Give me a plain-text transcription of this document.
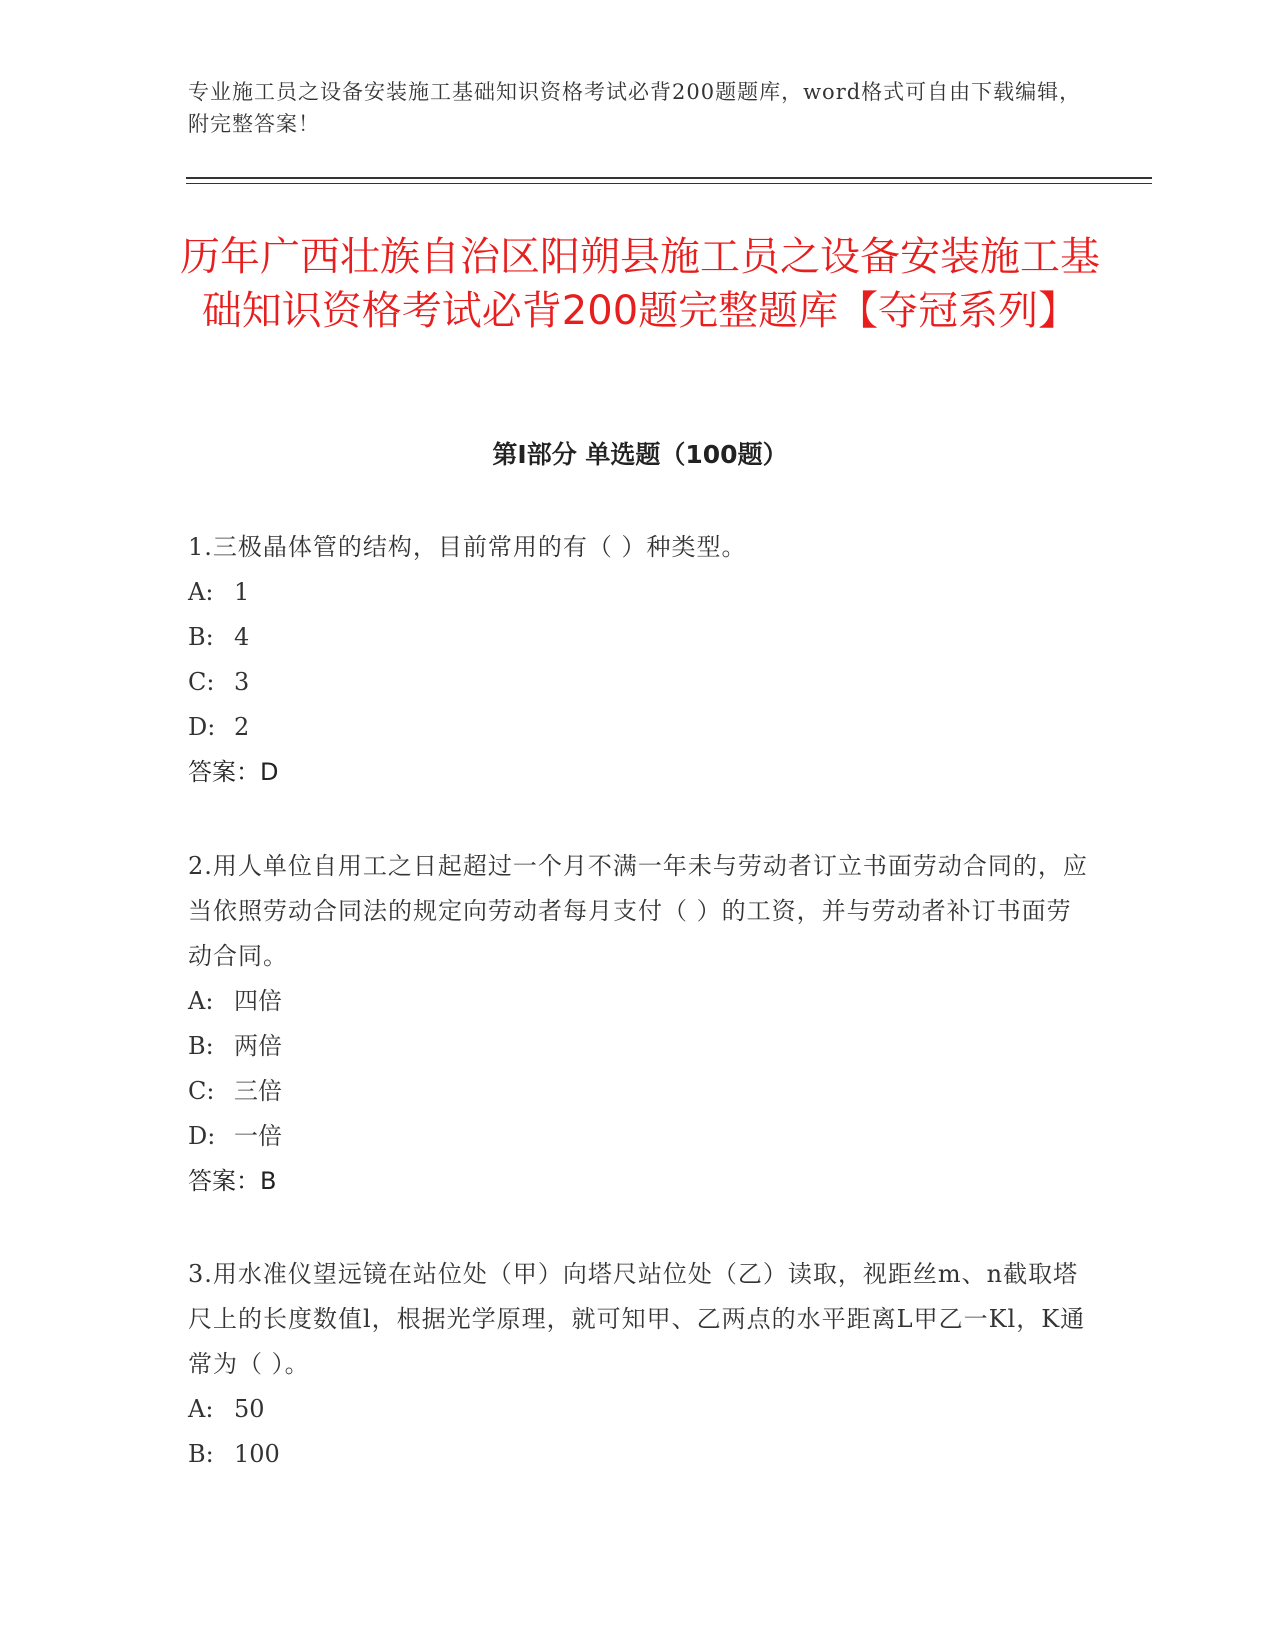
专业施工员之设备安装施工基础知识资格考试必背200题题库，word格式可自由下载编辑，附完整答案！
历年广西壮族自治区阳朔县施工员之设备安装施工基础知识资格考试必背200题完整题库【夺冠系列】
第Ⅰ部分 单选题（100题）

1.三极晶体管的结构，目前常用的有（ ）种类型。

A: 1

B: 4

C: 3

D: 2

答案：D

2.用人单位自用工之日起超过一个月不满一年未与劳动者订立书面劳动合同的，应当依照劳动合同法的规定向劳动者每月支付（ ）的工资，并与劳动者补订书面劳动合同。

A: 四倍

B: 两倍

C: 三倍

D: 一倍

答案：B

3.用水准仪望远镜在站位处（甲）向塔尺站位处（乙）读取，视距丝m、n截取塔尺上的长度数值l，根据光学原理，就可知甲、乙两点的水平距离L甲乙一Kl，K通常为（ ）。

A: 50

B: 100
